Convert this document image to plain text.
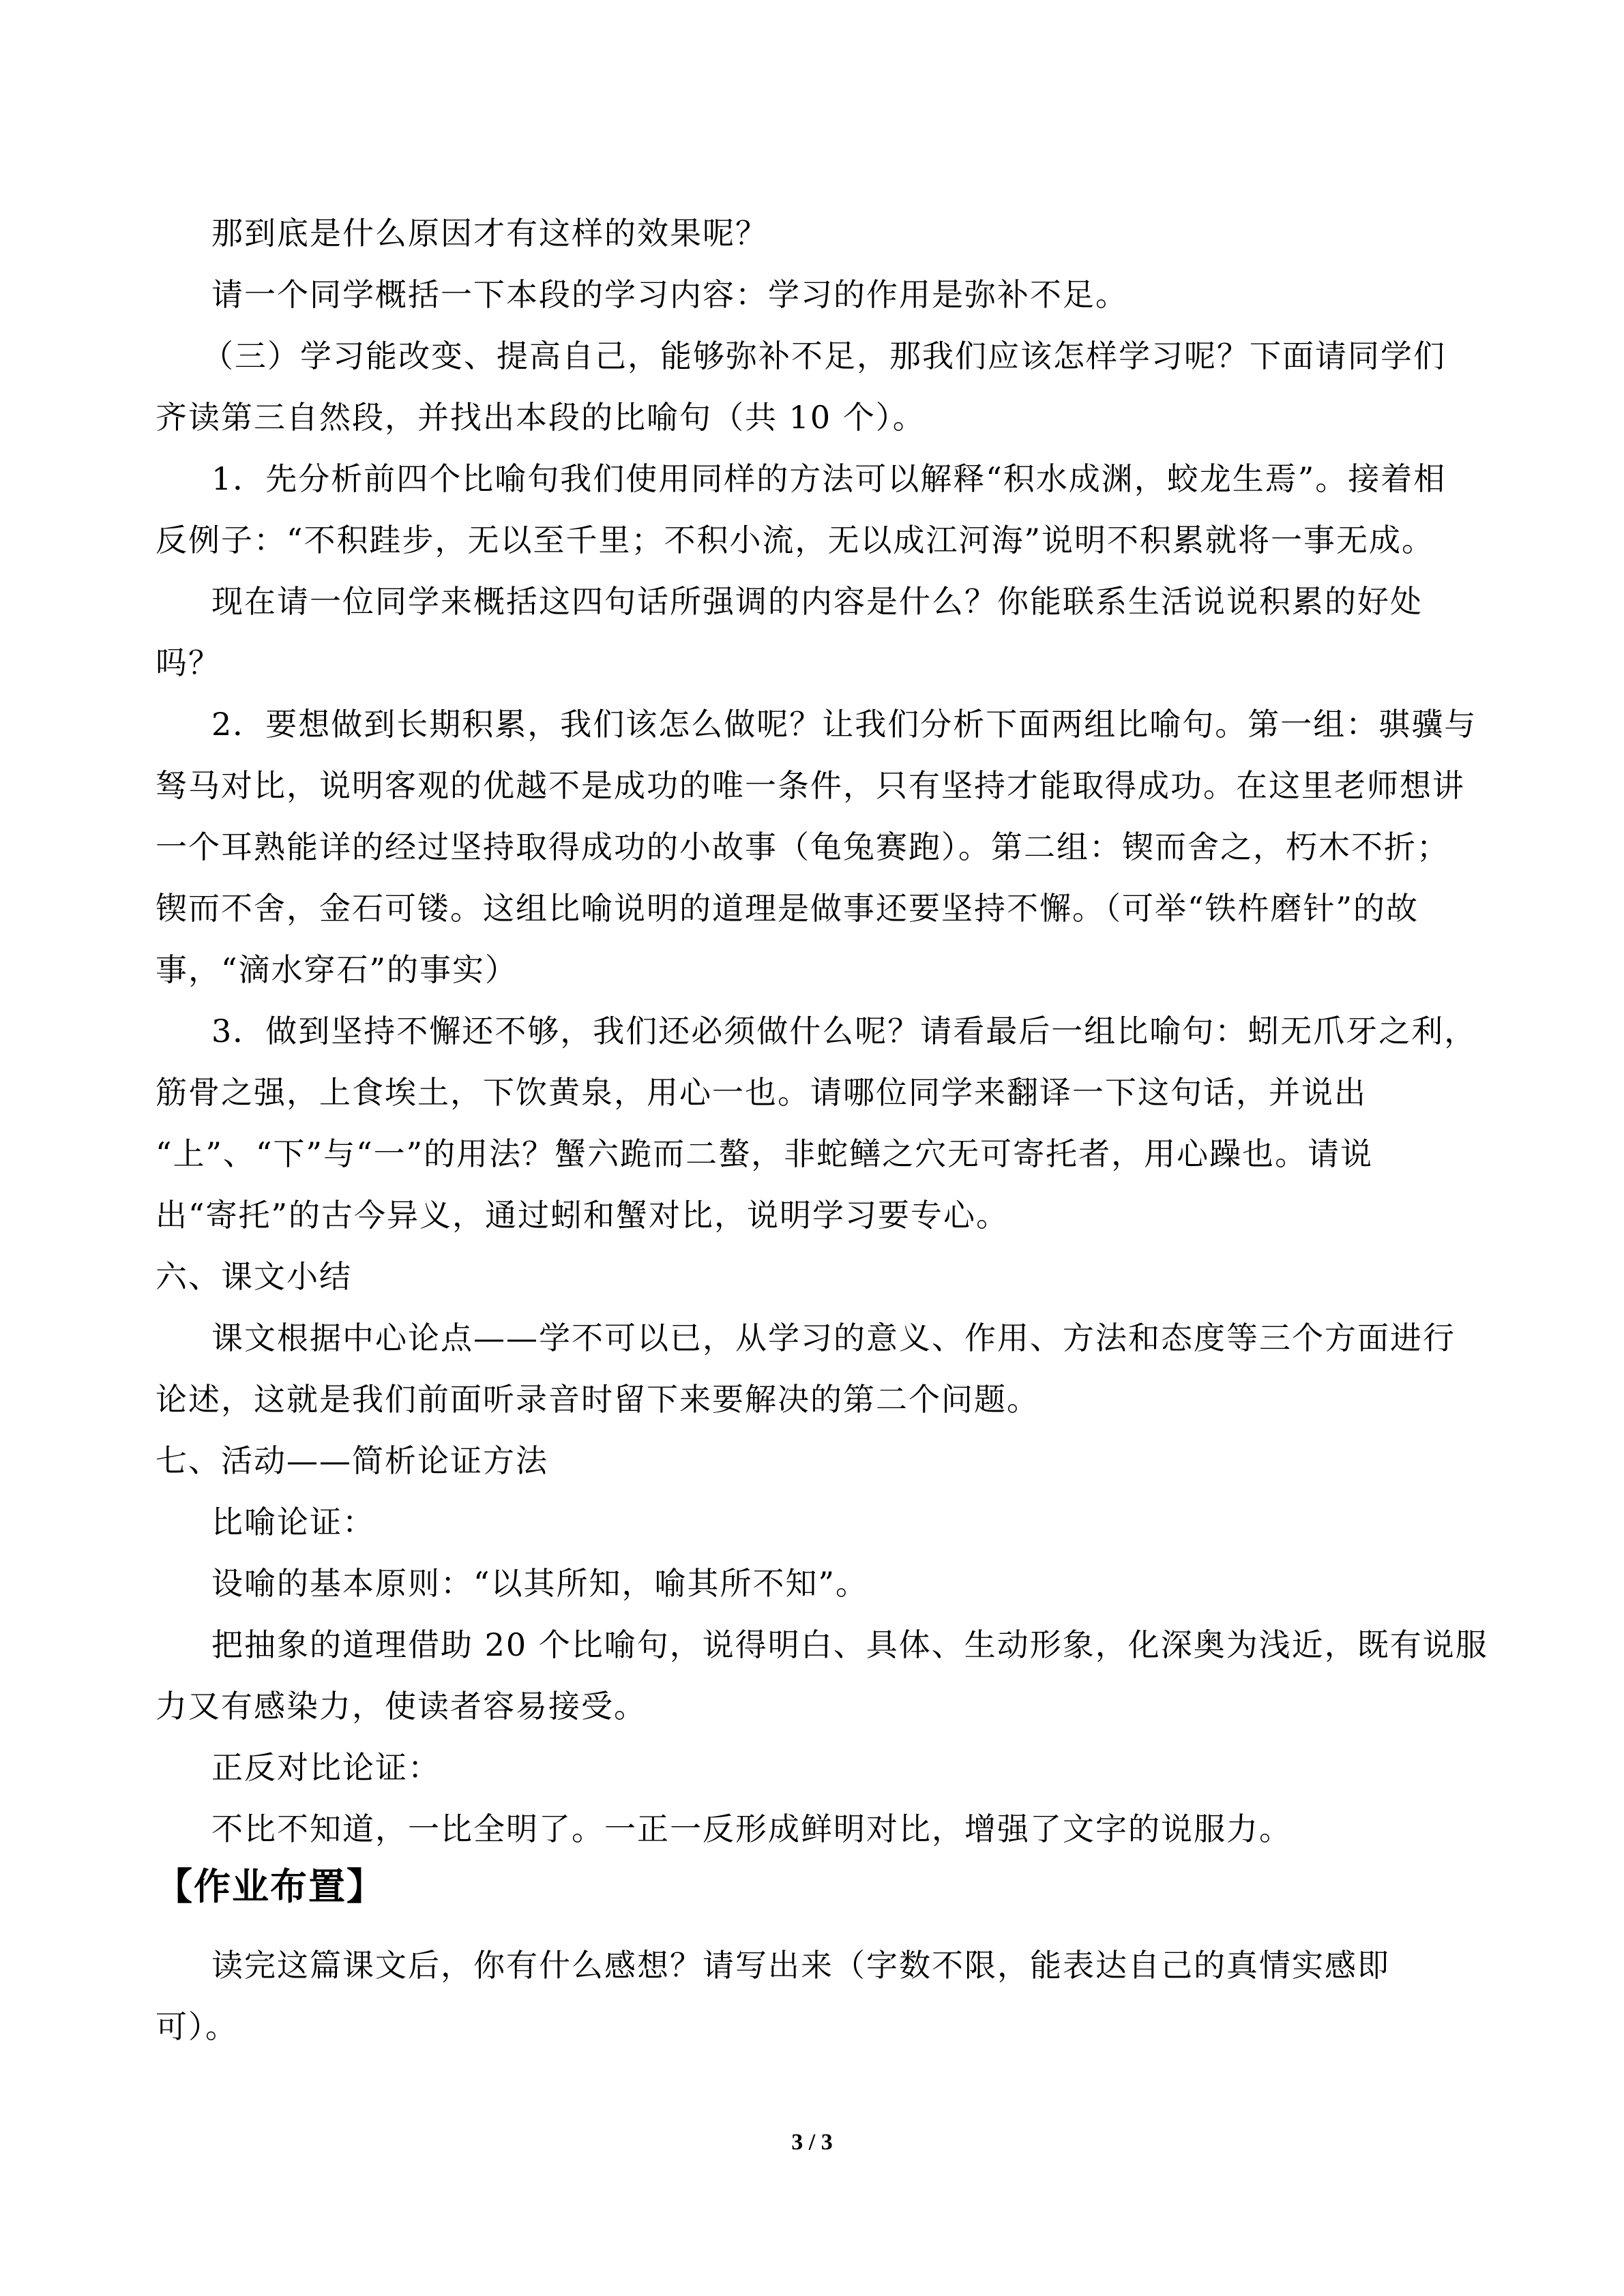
那到底是什么原因才有这样的效果呢？
请一个同学概括一下本段的学习内容：学习的作用是弥补不足。
（三）学习能改变、提高自己，能够弥补不足，那我们应该怎样学习呢？下面请同学们
齐读第三自然段，并找出本段的比喻句（共 10 个）。
1．先分析前四个比喻句我们使用同样的方法可以解释“积水成渊，蛟龙生焉”。接着相
反例子：“不积跬步，无以至千里；不积小流，无以成江河海”说明不积累就将一事无成。
现在请一位同学来概括这四句话所强调的内容是什么？你能联系生活说说积累的好处
吗？
2．要想做到长期积累，我们该怎么做呢？让我们分析下面两组比喻句。第一组：骐骥与
驽马对比，说明客观的优越不是成功的唯一条件，只有坚持才能取得成功。在这里老师想讲
一个耳熟能详的经过坚持取得成功的小故事（龟兔赛跑）。第二组：锲而舍之，朽木不折；
锲而不舍，金石可镂。这组比喻说明的道理是做事还要坚持不懈。（可举“铁杵磨针”的故
事，“滴水穿石”的事实）
3．做到坚持不懈还不够，我们还必须做什么呢？请看最后一组比喻句：蚓无爪牙之利，
筋骨之强，上食埃土，下饮黄泉，用心一也。请哪位同学来翻译一下这句话，并说出
“上”、“下”与“一”的用法？蟹六跪而二螯，非蛇鳝之穴无可寄托者，用心躁也。请说
出“寄托”的古今异义，通过蚓和蟹对比，说明学习要专心。
六、课文小结
课文根据中心论点——学不可以已，从学习的意义、作用、方法和态度等三个方面进行
论述，这就是我们前面听录音时留下来要解决的第二个问题。
七、活动——简析论证方法
比喻论证：
设喻的基本原则：“以其所知，喻其所不知”。
把抽象的道理借助 20 个比喻句，说得明白、具体、生动形象，化深奥为浅近，既有说服
力又有感染力，使读者容易接受。
正反对比论证：
不比不知道，一比全明了。一正一反形成鲜明对比，增强了文字的说服力。
【作业布置】
读完这篇课文后，你有什么感想？请写出来（字数不限，能表达自己的真情实感即
可）。
3 / 3
